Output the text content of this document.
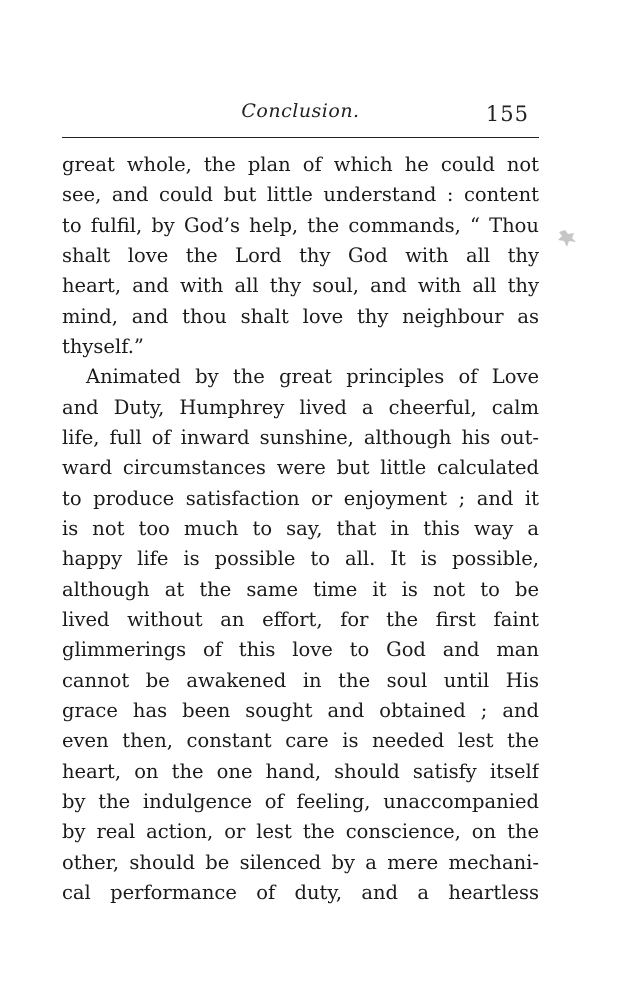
Conclusion.	155
great whole, the plan of which he could not
see, and could but little understand : content
to fulfil, by God’s help, the commands, “ Thou
shalt love the Lord thy God with all thy
heart, and with all thy soul, and with all thy
mind, and thou shalt love thy neighbour as
thyself.”
Animated by the great principles of Love
and Duty, Humphrey lived a cheerful, calm
life, full of inward sunshine, although his out-
ward circumstances were but little calculated
to produce satisfaction or enjoyment ; and it
is not too much to say, that in this way a
happy life is possible to all. It is possible,
although at the same time it is not to be
lived without an effort, for the first faint
glimmerings of this love to God and man
cannot be awakened in the soul until His
grace has been sought and obtained ; and
even then, constant care is needed lest the
heart, on the one hand, should satisfy itself
by the indulgence of feeling, unaccompanied
by real action, or lest the conscience, on the
other, should be silenced by a mere mechani-
cal performance of duty, and a heartless
